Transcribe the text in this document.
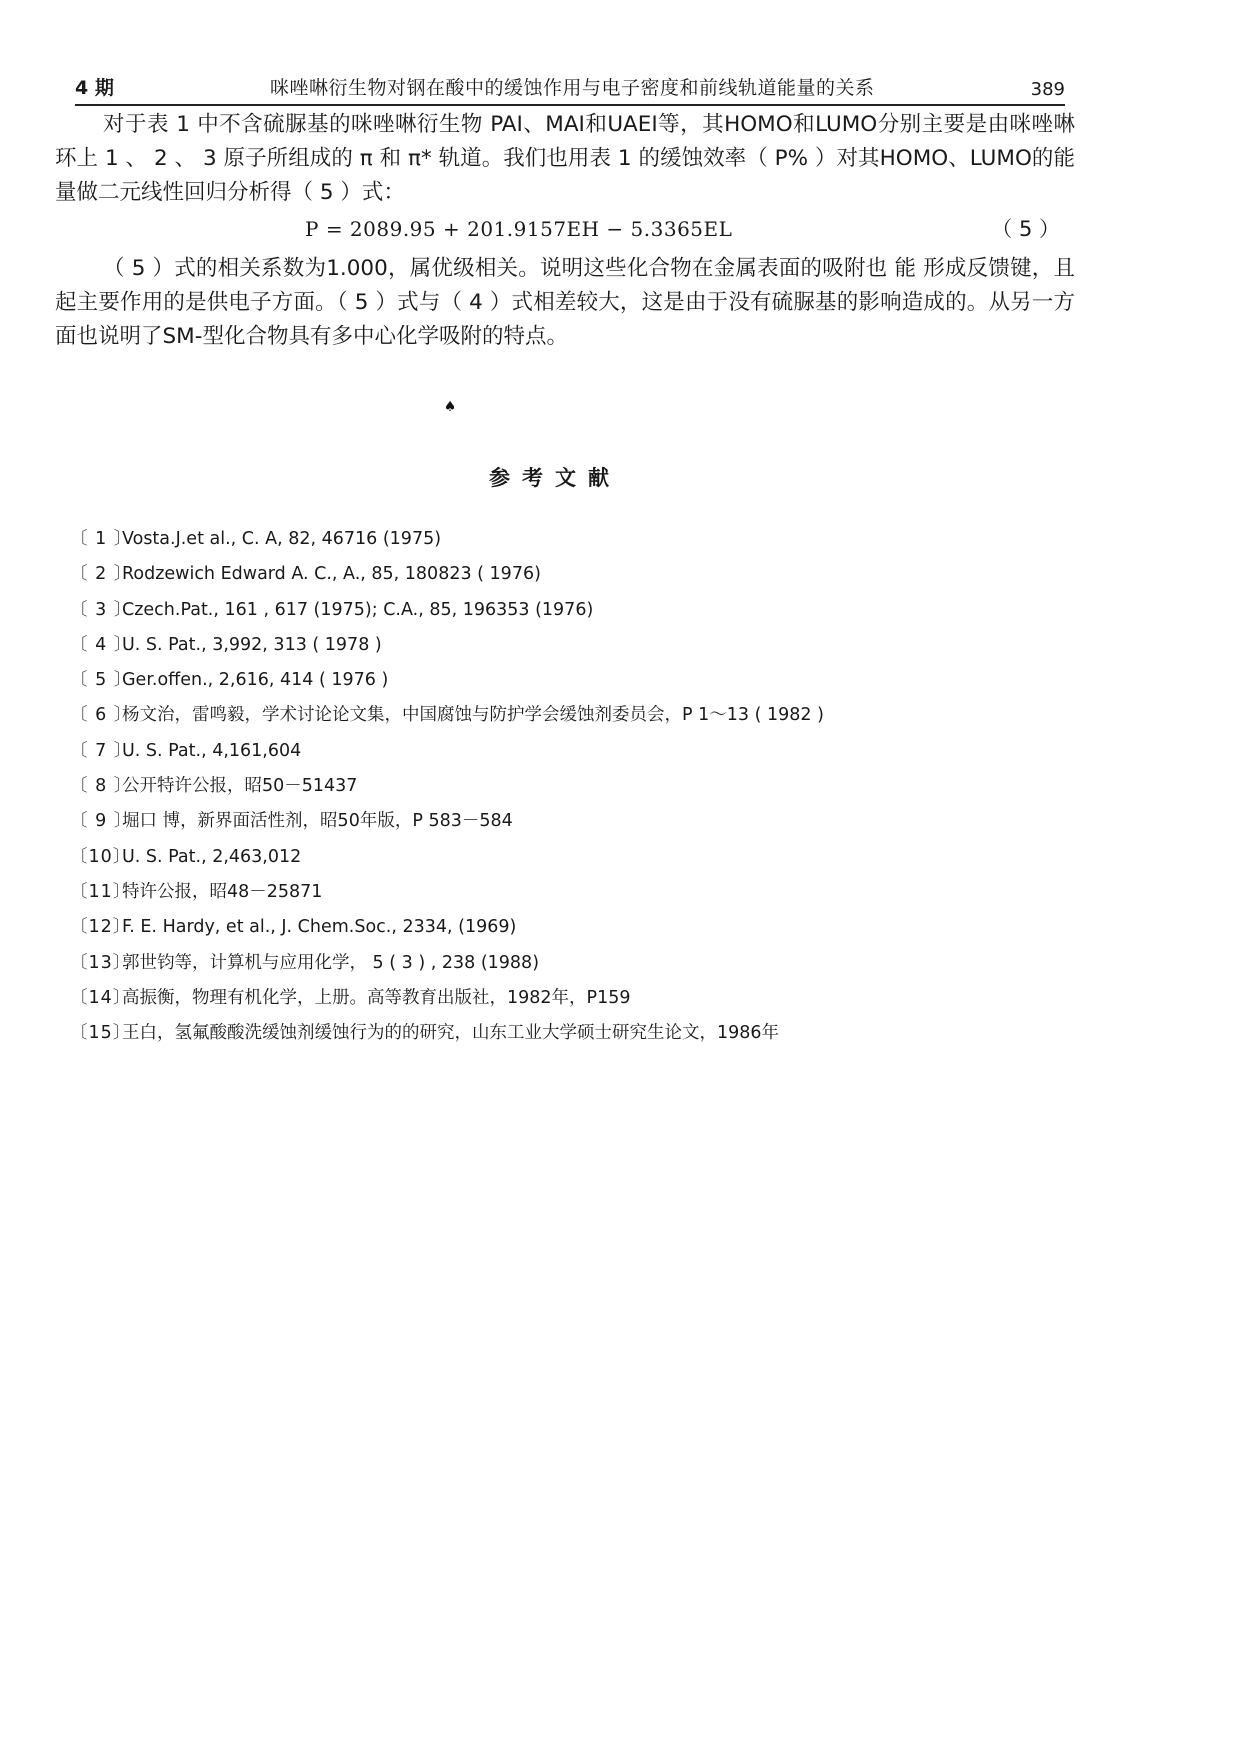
4 期	咪唑啉衍生物对钢在酸中的缓蚀作用与电子密度和前线轨道能量的关系	389

对于表 1 中不含硫脲基的咪唑啉衍生物 PAI、MAI和UAEI等，其HOMO和LUMO分别主要是由咪唑啉环上 1 、 2 、 3 原子所组成的 π 和 π* 轨道。我们也用表 1 的缓蚀效率（ P% ）对其HOMO、LUMO的能量做二元线性回归分析得（ 5 ）式：

P = 2089.95 + 201.9157EH − 5.3365EL	（ 5 ）

（ 5 ）式的相关系数为1.000，属优级相关。说明这些化合物在金属表面的吸附也 能 形成反馈键，且起主要作用的是供电子方面。（ 5 ）式与（ 4 ）式相差较大，这是由于没有硫脲基的影响造成的。从另一方面也说明了SM-型化合物具有多中心化学吸附的特点。

♠
参考文献
〔 1 〕
Vosta.J.et al., C. A, 82, 46716 (1975)
〔 2 〕
Rodzewich Edward A. C., A., 85, 180823 ( 1976)
〔 3 〕
Czech.Pat., 161 , 617 (1975); C.A., 85, 196353 (1976)
〔 4 〕
U. S. Pat., 3,992, 313 ( 1978 )
〔 5 〕
Ger.offen., 2,616, 414 ( 1976 )
〔 6 〕
杨文治，雷鸣毅，学术讨论论文集，中国腐蚀与防护学会缓蚀剂委员会，P 1～13 ( 1982 )
〔 7 〕
U. S. Pat., 4,161,604
〔 8 〕
公开特许公报，昭50－51437
〔 9 〕
堀口 博，新界面活性剂，昭50年版，P 583－584
〔10〕
U. S. Pat., 2,463,012
〔11〕
特许公报，昭48－25871
〔12〕
F. E. Hardy, et al., J. Chem.Soc., 2334, (1969)
〔13〕
郭世钧等，计算机与应用化学， 5 ( 3 ) , 238 (1988)
〔14〕
高振衡，物理有机化学，上册。高等教育出版社，1982年，P159
〔15〕
王白，氢氟酸酸洗缓蚀剂缓蚀行为的的研究，山东工业大学硕士研究生论文，1986年
